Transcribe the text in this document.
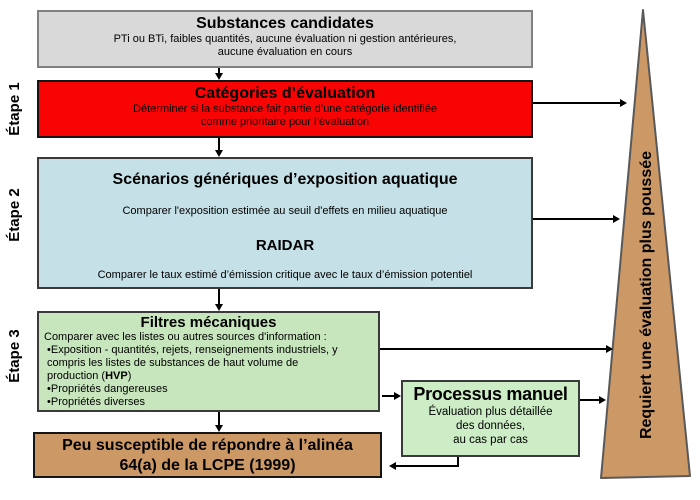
Étape 1
Étape 2
Étape 3
Substances candidates
PTi ou BTi, faibles quantités, aucune évaluation ni gestion antérieures,
aucune évaluation en cours
Catégories d’évaluation
Déterminer si la substance fait partie d’une catégorie identifiée
comme prioritaire pour l’évaluation
Scénarios génériques d’exposition aquatique
Comparer l'exposition estimée au seuil d'effets en milieu aquatique
RAIDAR
Comparer le taux estimé d’émission critique avec le taux d’émission potentiel
Filtres mécaniques
Comparer avec les listes ou autres sources d'information :
•Exposition - quantités, rejets, renseignements industriels, y compris les listes de substances de haut volume de production (HVP)
•Propriétés dangereuses
•Propriétés diverses	Processus manuel
Évaluation plus détaillée
des données,
au cas par cas
Peu susceptible de répondre à l’alinéa
64(a) de la LCPE (1999)
Requiert une évaluation plus poussée
